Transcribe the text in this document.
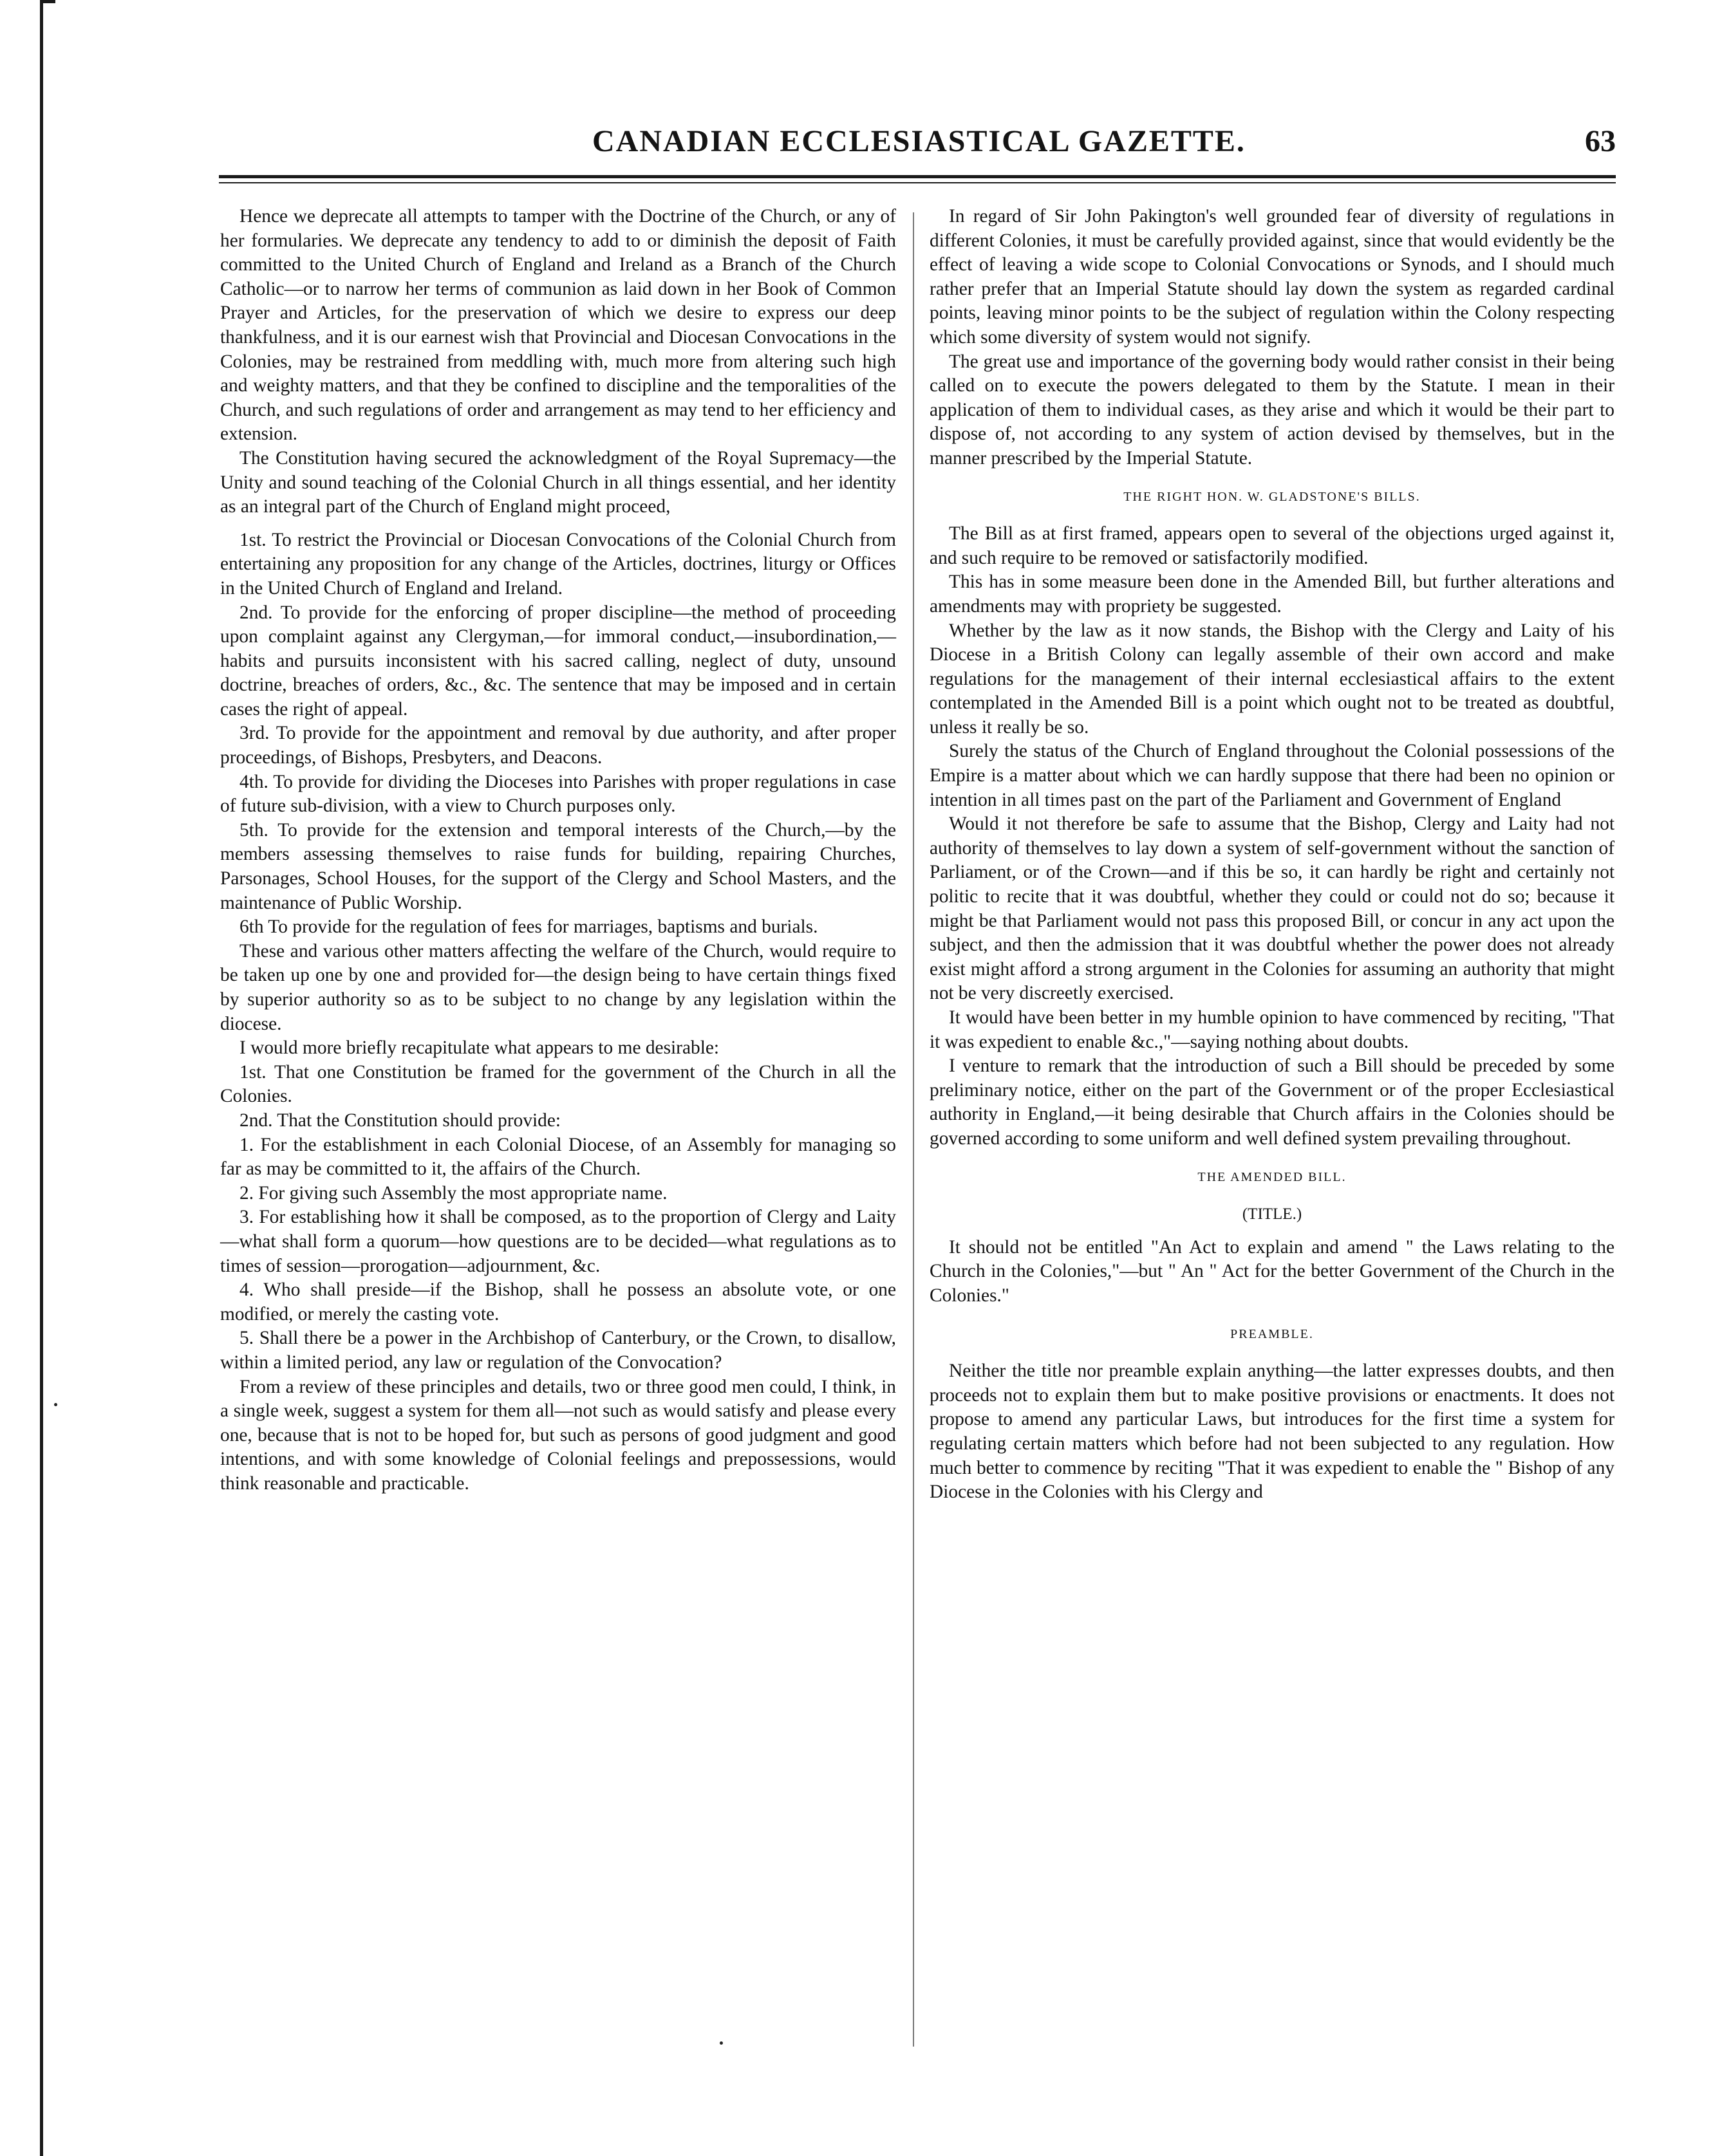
CANADIAN ECCLESIASTICAL GAZETTE.	63

Hence we deprecate all attempts to tamper with the Doctrine of the Church, or any of her formularies. We deprecate any tendency to add to or diminish the deposit of Faith committed to the United Church of England and Ireland as a Branch of the Church Catholic—or to narrow her terms of communion as laid down in her Book of Common Prayer and Articles, for the preservation of which we desire to express our deep thankfulness, and it is our earnest wish that Provincial and Diocesan Convocations in the Colonies, may be restrained from meddling with, much more from altering such high and weighty matters, and that they be confined to discipline and the temporalities of the Church, and such regulations of order and arrangement as may tend to her efficiency and extension.

The Constitution having secured the acknowledgment of the Royal Supremacy—the Unity and sound teaching of the Colonial Church in all things essential, and her identity as an integral part of the Church of England might proceed,

1st. To restrict the Provincial or Diocesan Convocations of the Colonial Church from entertaining any proposition for any change of the Articles, doctrines, liturgy or Offices in the United Church of England and Ireland.

2nd. To provide for the enforcing of proper discipline—the method of proceeding upon complaint against any Clergyman,—for immoral conduct,—insubordination,—habits and pursuits inconsistent with his sacred calling, neglect of duty, unsound doctrine, breaches of orders, &c., &c. The sentence that may be imposed and in certain cases the right of appeal.

3rd. To provide for the appointment and removal by due authority, and after proper proceedings, of Bishops, Presbyters, and Deacons.

4th. To provide for dividing the Dioceses into Parishes with proper regulations in case of future sub-division, with a view to Church purposes only.

5th. To provide for the extension and temporal interests of the Church,—by the members assessing themselves to raise funds for building, repairing Churches, Parsonages, School Houses, for the support of the Clergy and School Masters, and the maintenance of Public Worship.

6th To provide for the regulation of fees for marriages, baptisms and burials.

These and various other matters affecting the welfare of the Church, would require to be taken up one by one and provided for—the design being to have certain things fixed by superior authority so as to be subject to no change by any legislation within the diocese.

I would more briefly recapitulate what appears to me desirable:

1st. That one Constitution be framed for the government of the Church in all the Colonies.

2nd. That the Constitution should provide:

1. For the establishment in each Colonial Diocese, of an Assembly for managing so far as may be committed to it, the affairs of the Church.

2. For giving such Assembly the most appropriate name.

3. For establishing how it shall be composed, as to the proportion of Clergy and Laity—what shall form a quorum—how questions are to be decided—what regulations as to times of session—prorogation—adjournment, &c.

4. Who shall preside—if the Bishop, shall he possess an absolute vote, or one modified, or merely the casting vote.

5. Shall there be a power in the Archbishop of Canterbury, or the Crown, to disallow, within a limited period, any law or regulation of the Convocation?

From a review of these principles and details, two or three good men could, I think, in a single week, suggest a system for them all—not such as would satisfy and please every one, because that is not to be hoped for, but such as persons of good judgment and good intentions, and with some knowledge of Colonial feelings and prepossessions, would think reasonable and practicable.

In regard of Sir John Pakington's well grounded fear of diversity of regulations in different Colonies, it must be carefully provided against, since that would evidently be the effect of leaving a wide scope to Colonial Convocations or Synods, and I should much rather prefer that an Imperial Statute should lay down the system as regarded cardinal points, leaving minor points to be the subject of regulation within the Colony respecting which some diversity of system would not signify.

The great use and importance of the governing body would rather consist in their being called on to execute the powers delegated to them by the Statute. I mean in their application of them to individual cases, as they arise and which it would be their part to dispose of, not according to any system of action devised by themselves, but in the manner prescribed by the Imperial Statute.

THE RIGHT HON. W. GLADSTONE'S BILLS.

The Bill as at first framed, appears open to several of the objections urged against it, and such require to be removed or satisfactorily modified.

This has in some measure been done in the Amended Bill, but further alterations and amendments may with propriety be suggested.

Whether by the law as it now stands, the Bishop with the Clergy and Laity of his Diocese in a British Colony can legally assemble of their own accord and make regulations for the management of their internal ecclesiastical affairs to the extent contemplated in the Amended Bill is a point which ought not to be treated as doubtful, unless it really be so.

Surely the status of the Church of England throughout the Colonial possessions of the Empire is a matter about which we can hardly suppose that there had been no opinion or intention in all times past on the part of the Parliament and Government of England

Would it not therefore be safe to assume that the Bishop, Clergy and Laity had not authority of themselves to lay down a system of self-government without the sanction of Parliament, or of the Crown—and if this be so, it can hardly be right and certainly not politic to recite that it was doubtful, whether they could or could not do so; because it might be that Parliament would not pass this proposed Bill, or concur in any act upon the subject, and then the admission that it was doubtful whether the power does not already exist might afford a strong argument in the Colonies for assuming an authority that might not be very discreetly exercised.

It would have been better in my humble opinion to have commenced by reciting, "That it was expedient to enable &c.,"—saying nothing about doubts.

I venture to remark that the introduction of such a Bill should be preceded by some preliminary notice, either on the part of the Government or of the proper Ecclesiastical authority in England,—it being desirable that Church affairs in the Colonies should be governed according to some uniform and well defined system prevailing throughout.

THE AMENDED BILL.
(TITLE.)

It should not be entitled "An Act to explain and amend " the Laws relating to the Church in the Colonies,"—but " An " Act for the better Government of the Church in the Colonies."

PREAMBLE.

Neither the title nor preamble explain anything—the latter expresses doubts, and then proceeds not to explain them but to make positive provisions or enactments. It does not propose to amend any particular Laws, but introduces for the first time a system for regulating certain matters which before had not been subjected to any regulation. How much better to commence by reciting "That it was expedient to enable the " Bishop of any Diocese in the Colonies with his Clergy and
